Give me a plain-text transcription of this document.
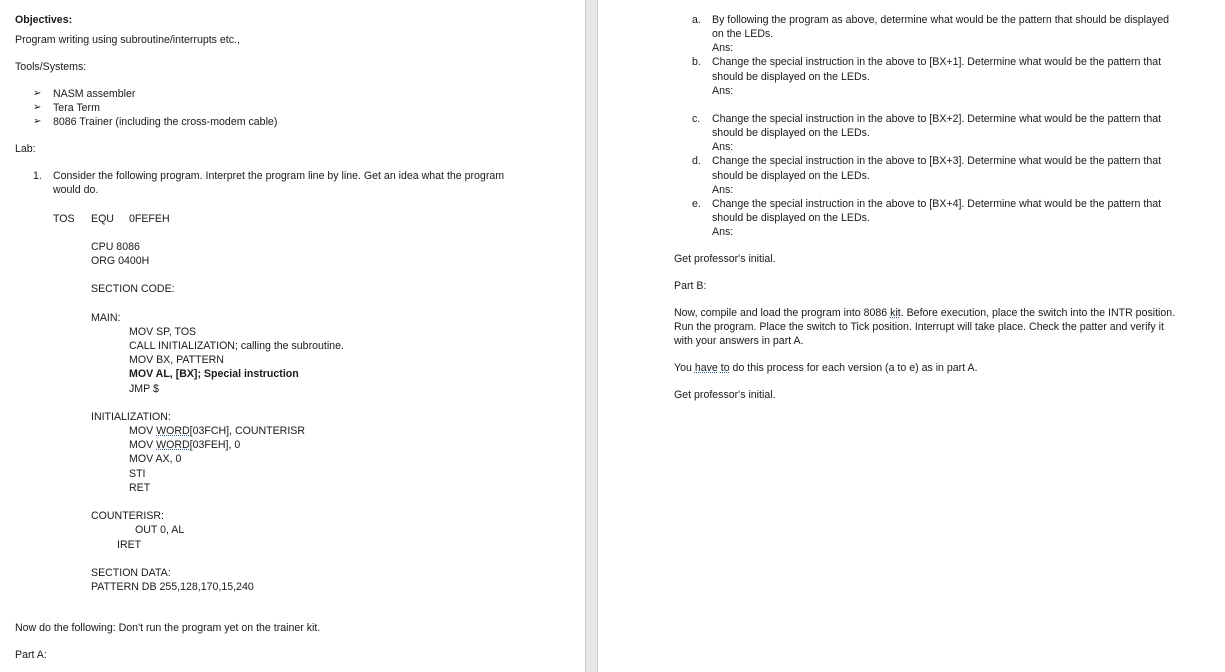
Objectives:
Program writing using subroutine/interrupts etc.,
Tools/Systems:
➢ NASM assembler
➢ Tera Term
➢ 8086 Trainer (including the cross-modem cable)
Lab:
1. Consider the following program. Interpret the program line by line. Get an idea what the program
would do.
TOS EQU 0FEFEH
CPU 8086
ORG 0400H
SECTION CODE:
MAIN:
MOV SP, TOS
CALL INITIALIZATION; calling the subroutine.
MOV BX, PATTERN
MOV AL, [BX]; Special instruction
JMP $
INITIALIZATION:
MOV WORD[03FCH], COUNTERISR
MOV WORD[03FEH], 0
MOV AX, 0
STI
RET
COUNTERISR:
OUT 0, AL
IRET
SECTION DATA:
PATTERN DB 255,128,170,15,240
Now do the following: Don't run the program yet on the trainer kit.
Part A:
a. By following the program as above, determine what would be the pattern that should be displayed
on the LEDs.
Ans:
b. Change the special instruction in the above to [BX+1]. Determine what would be the pattern that
should be displayed on the LEDs.
Ans:
c. Change the special instruction in the above to [BX+2]. Determine what would be the pattern that
should be displayed on the LEDs.
Ans:
d. Change the special instruction in the above to [BX+3]. Determine what would be the pattern that
should be displayed on the LEDs.
Ans:
e. Change the special instruction in the above to [BX+4]. Determine what would be the pattern that
should be displayed on the LEDs.
Ans:
Get professor's initial.
Part B:
Now, compile and load the program into 8086 kit. Before execution, place the switch into the INTR position.
Run the program. Place the switch to Tick position. Interrupt will take place. Check the patter and verify it
with your answers in part A.
You have to do this process for each version (a to e) as in part A.
Get professor's initial.
